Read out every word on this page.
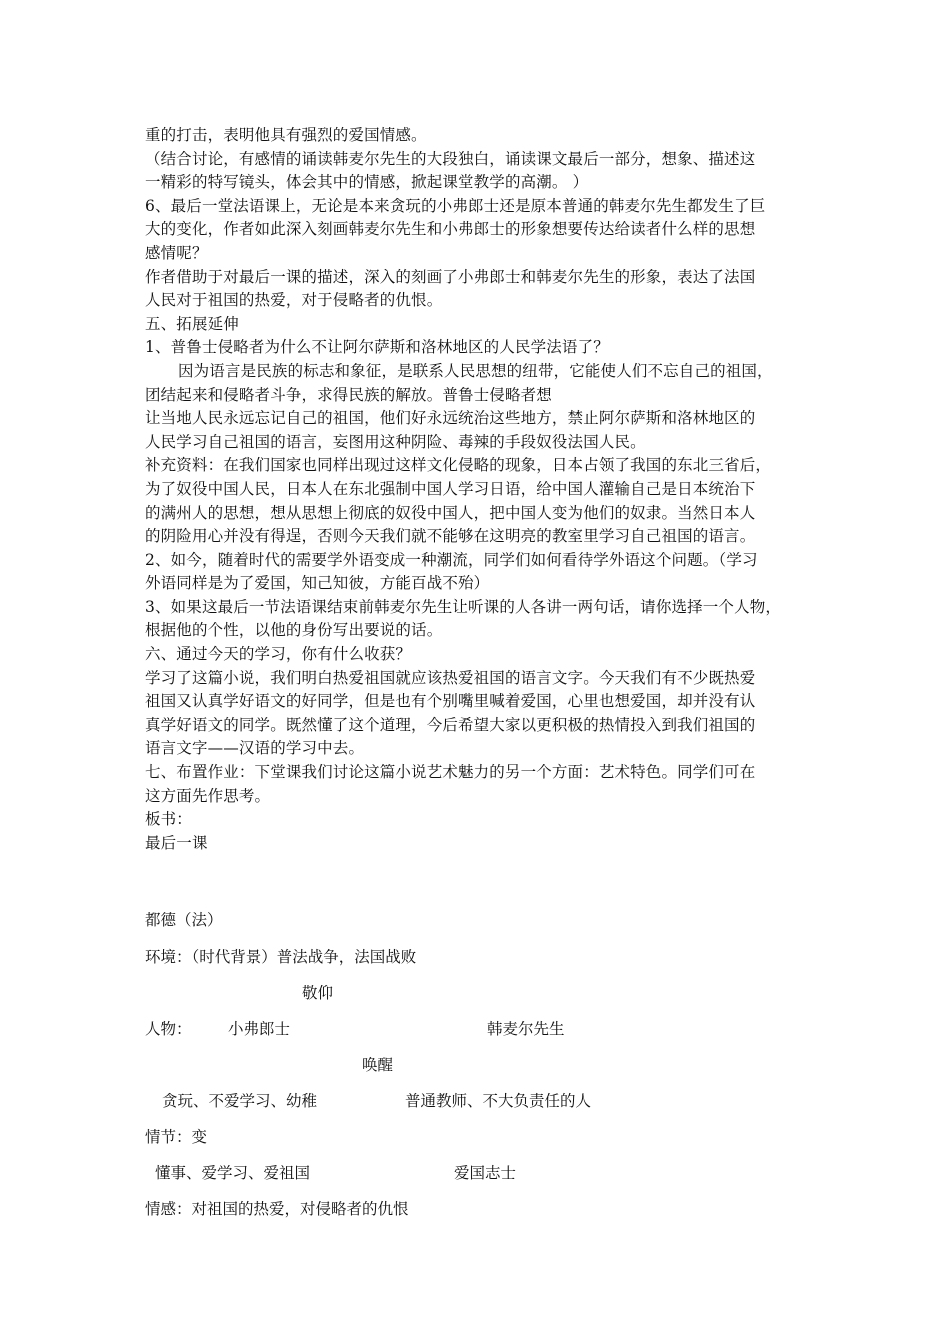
重的打击，表明他具有强烈的爱国情感。
（结合讨论，有感情的诵读韩麦尔先生的大段独白，诵读课文最后一部分，想象、描述这
一精彩的特写镜头，体会其中的情感，掀起课堂教学的高潮。 ）
6、最后一堂法语课上，无论是本来贪玩的小弗郎士还是原本普通的韩麦尔先生都发生了巨
大的变化，作者如此深入刻画韩麦尔先生和小弗郎士的形象想要传达给读者什么样的思想
感情呢？
作者借助于对最后一课的描述，深入的刻画了小弗郎士和韩麦尔先生的形象，表达了法国
人民对于祖国的热爱，对于侵略者的仇恨。
五、拓展延伸
1、普鲁士侵略者为什么不让阿尔萨斯和洛林地区的人民学法语了？
因为语言是民族的标志和象征，是联系人民思想的纽带，它能使人们不忘自己的祖国，
团结起来和侵略者斗争，求得民族的解放。普鲁士侵略者想
让当地人民永远忘记自己的祖国，他们好永远统治这些地方，禁止阿尔萨斯和洛林地区的
人民学习自己祖国的语言，妄图用这种阴险、毒辣的手段奴役法国人民。
补充资料：在我们国家也同样出现过这样文化侵略的现象，日本占领了我国的东北三省后，
为了奴役中国人民，日本人在东北强制中国人学习日语，给中国人灌输自己是日本统治下
的满州人的思想，想从思想上彻底的奴役中国人，把中国人变为他们的奴隶。当然日本人
的阴险用心并没有得逞，否则今天我们就不能够在这明亮的教室里学习自己祖国的语言。
2、如今，随着时代的需要学外语变成一种潮流，同学们如何看待学外语这个问题。（学习
外语同样是为了爱国，知己知彼，方能百战不殆）
3、如果这最后一节法语课结束前韩麦尔先生让听课的人各讲一两句话，请你选择一个人物，
根据他的个性，以他的身份写出要说的话。
六、通过今天的学习，你有什么收获？
学习了这篇小说，我们明白热爱祖国就应该热爱祖国的语言文字。今天我们有不少既热爱
祖国又认真学好语文的好同学，但是也有个别嘴里喊着爱国，心里也想爱国，却并没有认
真学好语文的同学。既然懂了这个道理，今后希望大家以更积极的热情投入到我们祖国的
语言文字——汉语的学习中去。
七、布置作业：下堂课我们讨论这篇小说艺术魅力的另一个方面：艺术特色。同学们可在
这方面先作思考。
板书：
最后一课
都德（法）
环境：（时代背景）普法战争，法国战败
敬仰
人物： 小弗郎士	韩麦尔先生
唤醒
贪玩、不爱学习、幼稚	普通教师、不大负责任的人
情节：变
懂事、爱学习、爱祖国	爱国志士
情感：对祖国的热爱，对侵略者的仇恨
